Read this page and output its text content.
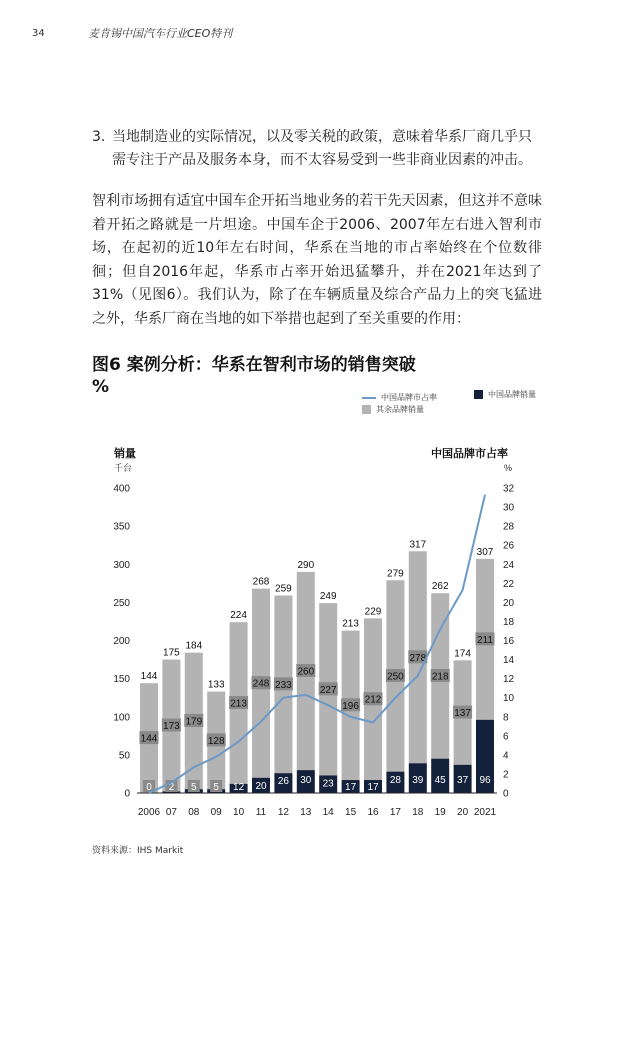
34	麦肯锡中国汽车行业CEO特刊
3. 当地制造业的实际情况，以及零关税的政策，意味着华系厂商几乎只需专注于产品及服务本身，而不太容易受到一些非商业因素的冲击。
智利市场拥有适宜中国车企开拓当地业务的若干先天因素，但这并不意味着开拓之路就是一片坦途。中国车企于2006、2007年左右进入智利市场，在起初的近10年左右时间，华系在当地的市占率始终在个位数徘徊；但自2016年起，华系市占率开始迅猛攀升，并在2021年达到了31%（见图6）。我们认为，除了在车辆质量及综合产品力上的突飞猛进之外，华系厂商在当地的如下举措也起到了至关重要的作用：
图6 案例分析：华系在智利市场的销售突破
%
中国品牌市占率	中国品牌销量
其余品牌销量
销量
千台
中国品牌市占率
%
0
50
100
150
200
250
300
350
400
0
2
4
6
8
10
12
14
16
18
20
22
24
26
28
30
32
144
144
0
2006
175
173
2
07
184
179
5
08
133
128
5
09
224
213
12
10
268
248
20
11
259
233
26
12
290
260
30
13
249
227
23
14
213
196
17
15
229
212
17
16
279
250
28
17
317
278
39
18
262
218
45
19
174
137
37
20
307
211
96
2021
资料来源：IHS Markit
